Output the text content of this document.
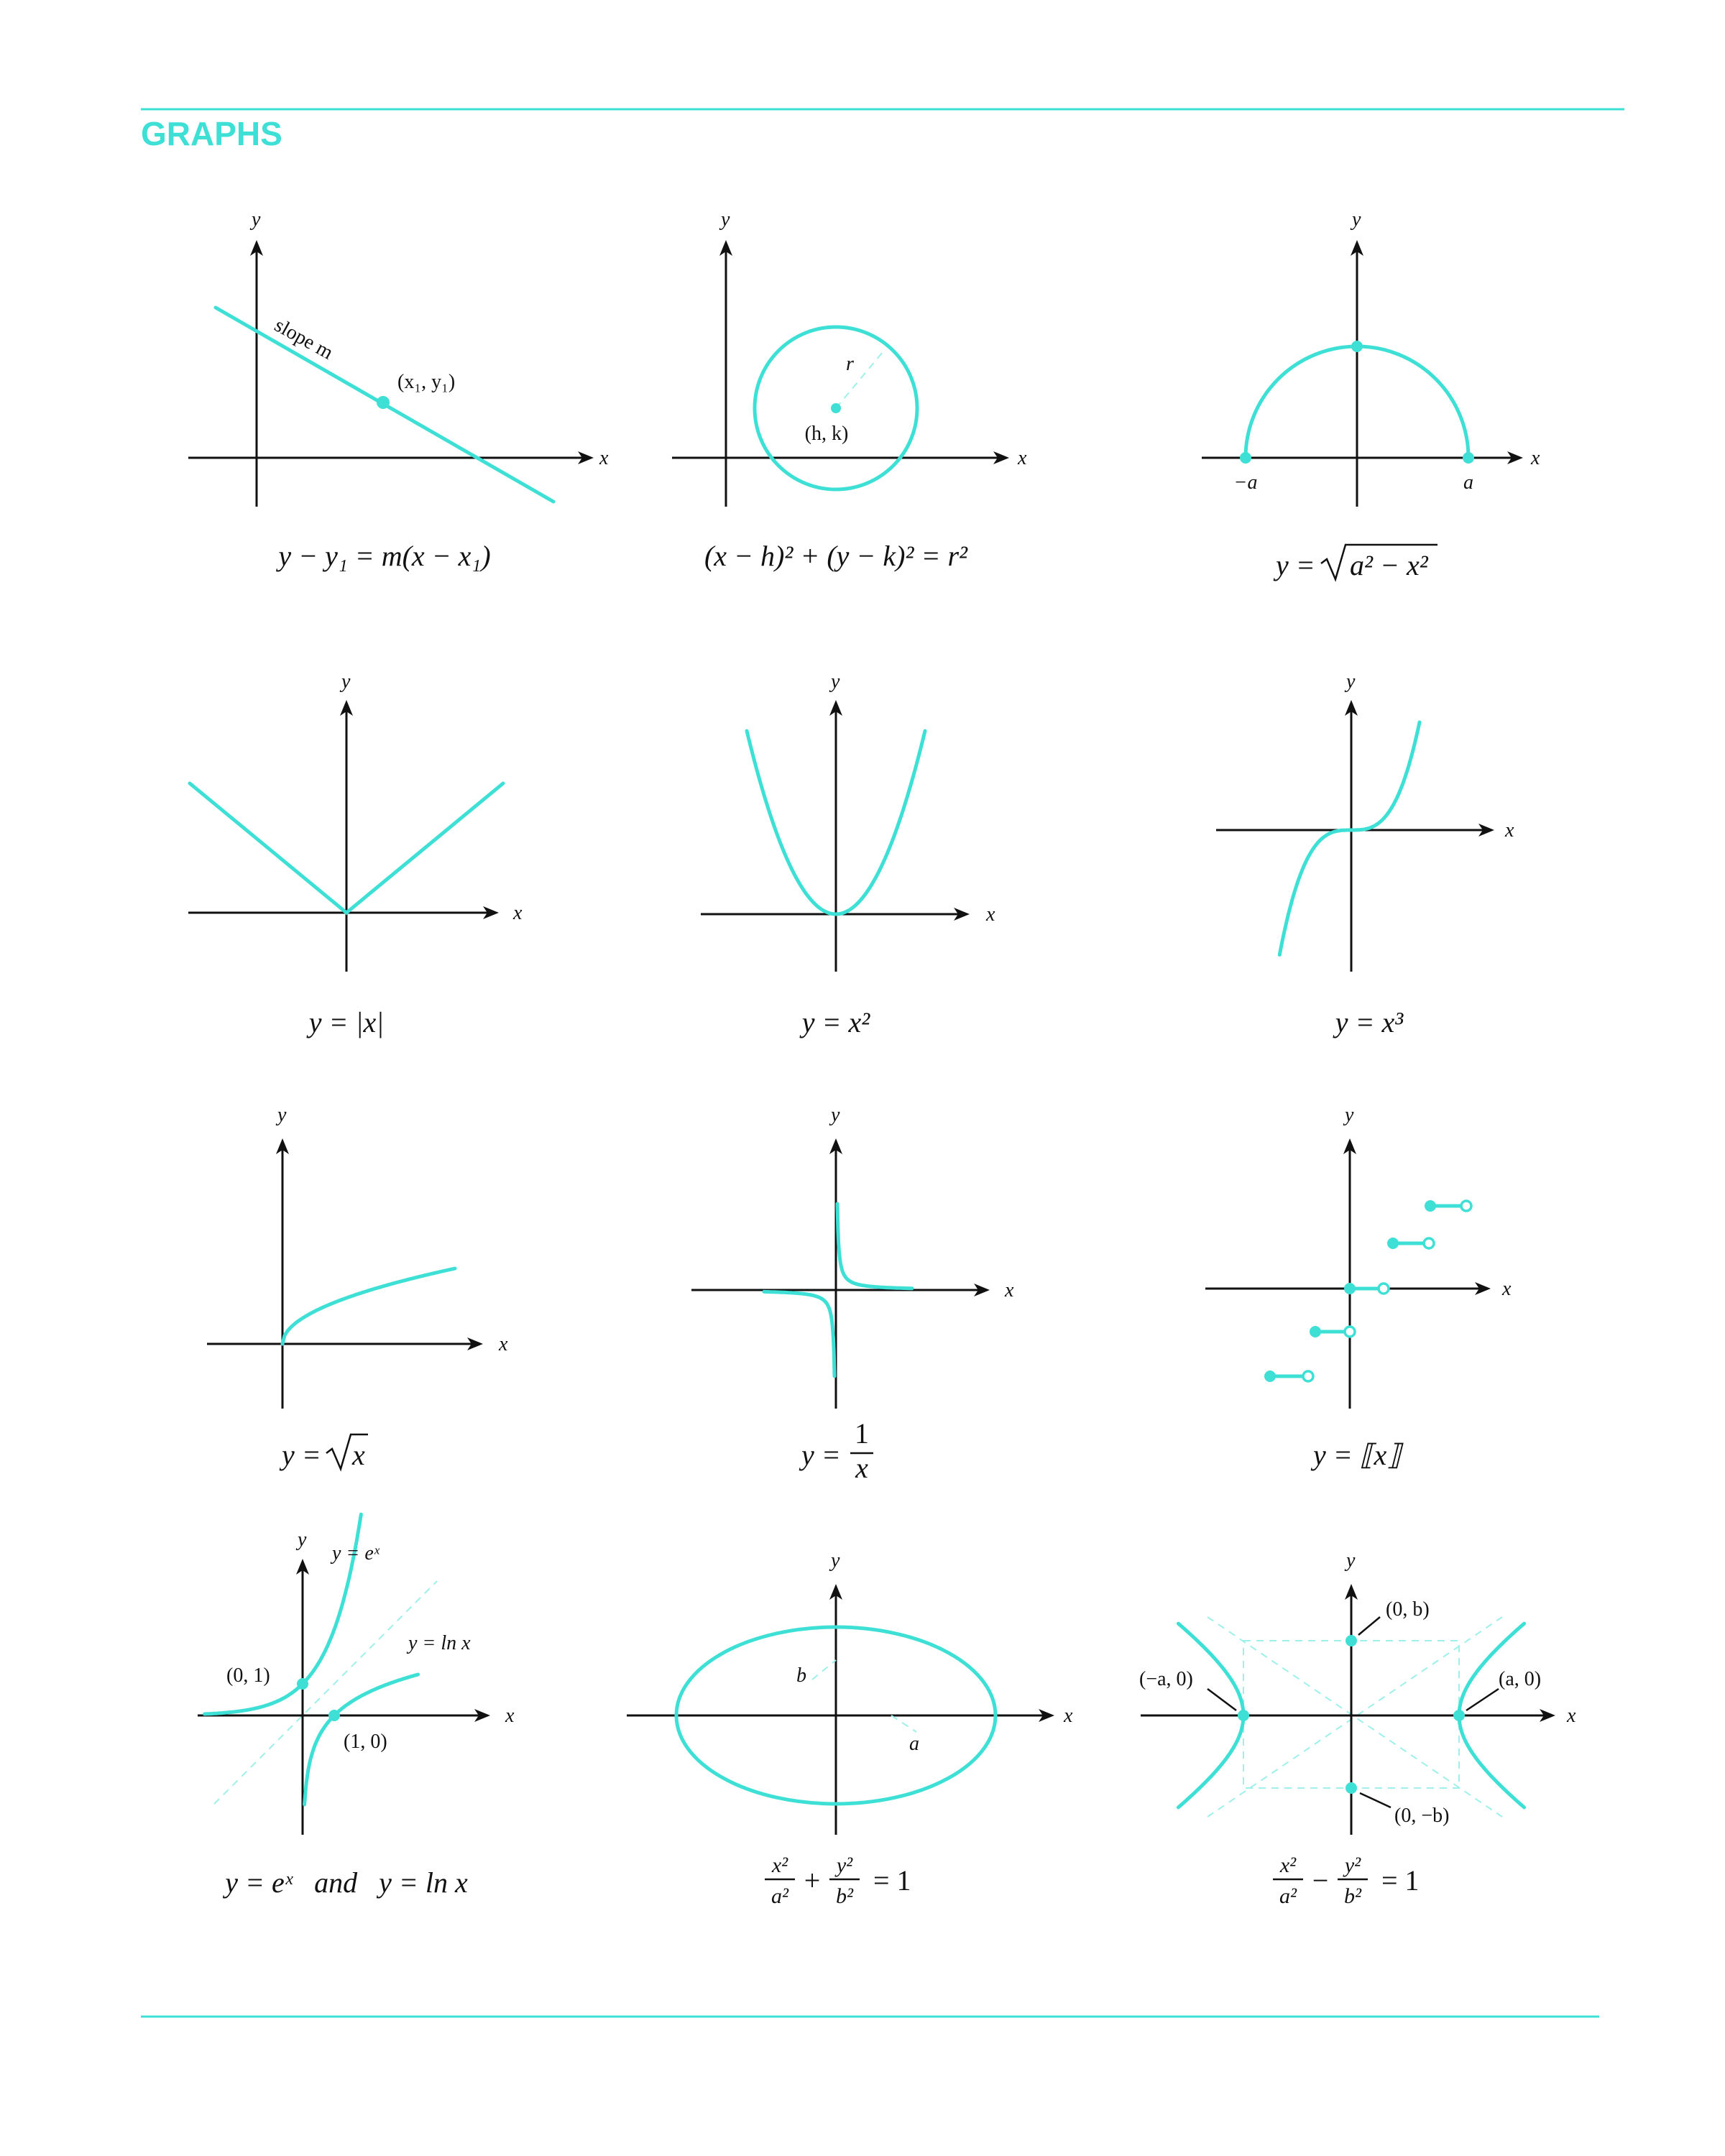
GRAPHS
x
y
slope m
(x₁, y₁)
y − y₁ = m(x − x₁)
x
y
r
(h, k)
(x − h)² + (y − k)² = r²
x
y
−a	a
y = a² − x²
x
y
y = |x|
x
y
y = x²
x
y
y = x³
x
y
y = x
x
y
y =
1
x
x
y
y = ⟦x⟧
x
y
y = eˣ
y = ln x
(0, 1)
(1, 0)
y = eˣ   and   y = ln x
x
y
b
a
x²
a² + y²
b² = 1
x
y
(0, b)
(a, 0)
(−a, 0)
(0, −b)
x²
a² − y²
b² = 1
